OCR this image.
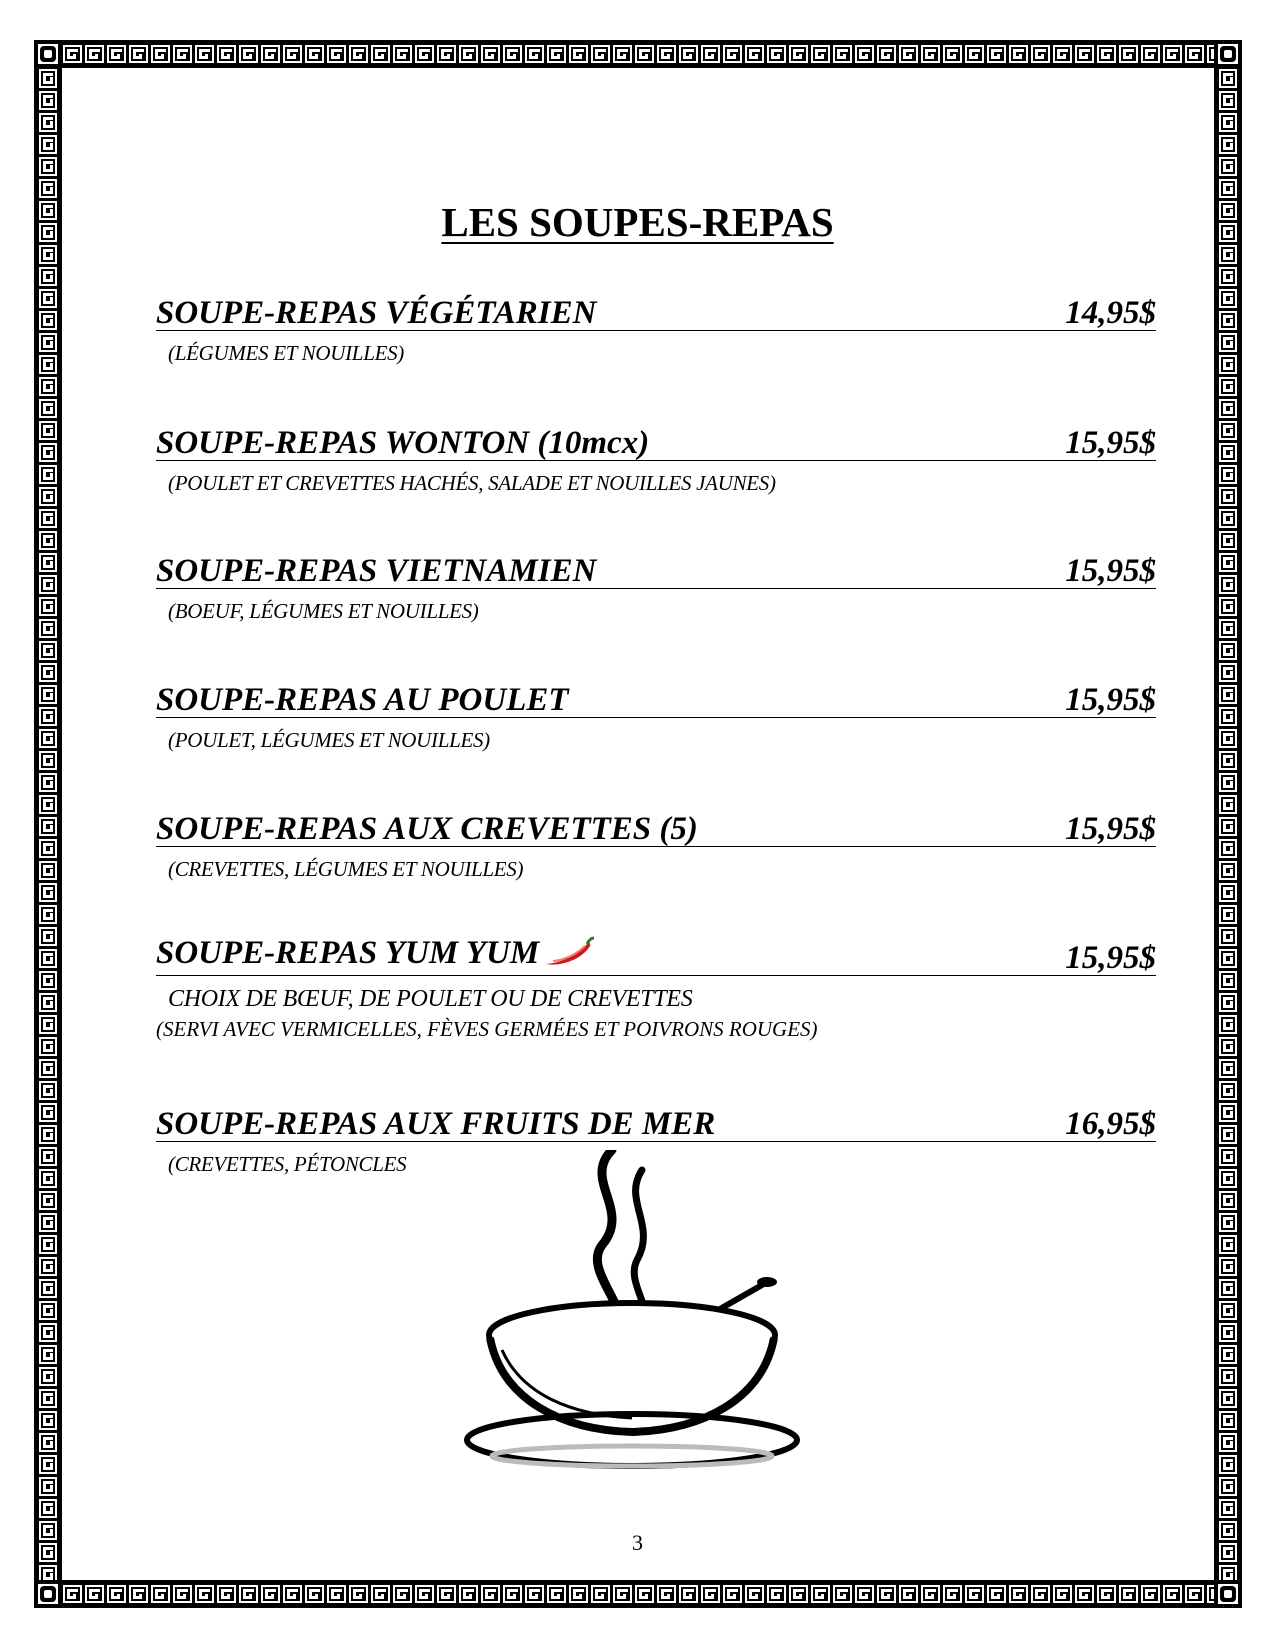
LES SOUPES-REPAS
SOUPE-REPAS VÉGÉTARIEN	14,95$
(LÉGUMES ET NOUILLES)
SOUPE-REPAS WONTON (10mcx)	15,95$
(POULET ET CREVETTES HACHÉS, SALADE ET NOUILLES JAUNES)
SOUPE-REPAS VIETNAMIEN	15,95$
(BOEUF, LÉGUMES ET NOUILLES)
SOUPE-REPAS AU POULET	15,95$
(POULET, LÉGUMES ET NOUILLES)
SOUPE-REPAS AUX CREVETTES (5)	15,95$
(CREVETTES, LÉGUMES ET NOUILLES)
SOUPE-REPAS YUM YUM	15,95$
CHOIX DE BŒUF, DE POULET OU DE CREVETTES
(SERVI AVEC VERMICELLES, FÈVES GERMÉES ET POIVRONS ROUGES)
SOUPE-REPAS AUX FRUITS DE MER	16,95$
(CREVETTES, PÉTONCLES
3
